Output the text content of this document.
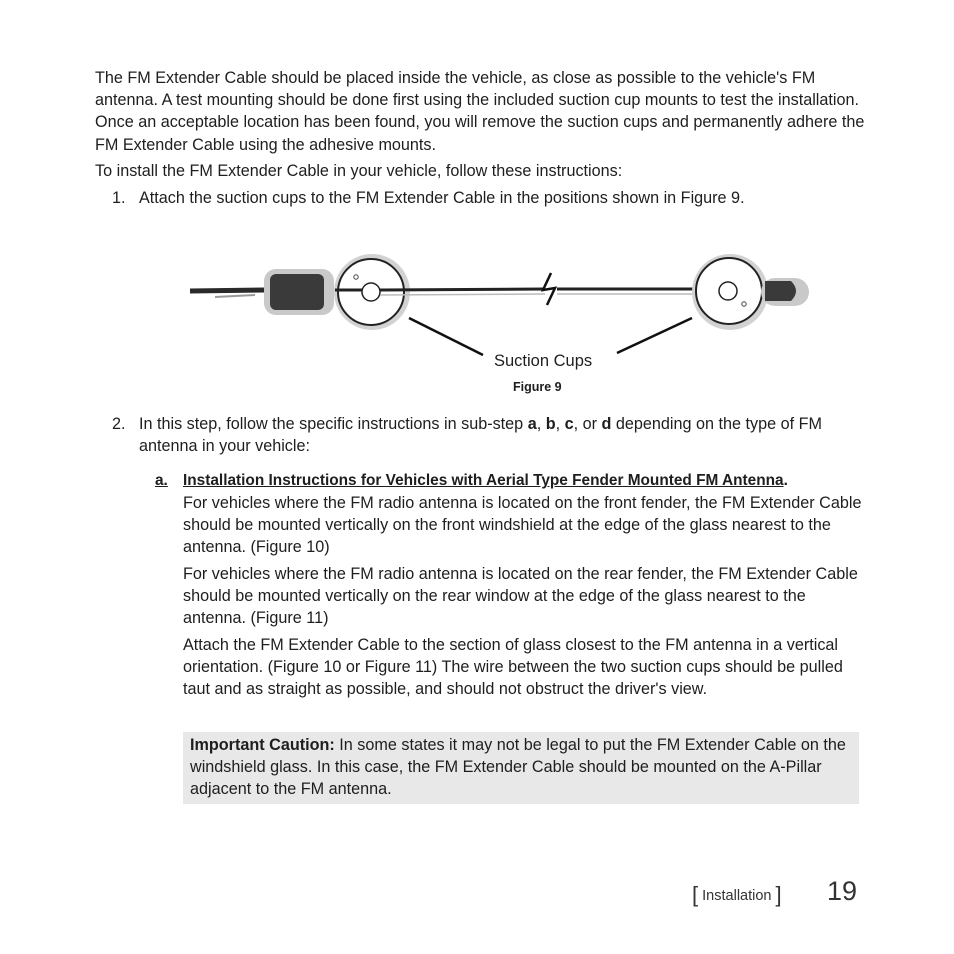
The FM Extender Cable should be placed inside the vehicle, as close as possible to the vehicle's FM antenna. A test mounting should be done first using the included suction cup mounts to test the installation. Once an acceptable location has been found, you will remove the suction cups and permanently adhere the FM Extender Cable using the adhesive mounts.

To install the FM Extender Cable in your vehicle, follow these instructions:

1. Attach the suction cups to the FM Extender Cable in the positions shown in Figure 9.
Suction Cups
Figure 9
2. In this step, follow the specific instructions in sub-step a, b, c, or d depending on the type of FM antenna in your vehicle:

a. Installation Instructions for Vehicles with Aerial Type Fender Mounted FM Antenna.

For vehicles where the FM radio antenna is located on the front fender, the FM Extender Cable should be mounted vertically on the front windshield at the edge of the glass nearest to the antenna. (Figure 10)

For vehicles where the FM radio antenna is located on the rear fender, the FM Extender Cable should be mounted vertically on the rear window at the edge of the glass nearest to the antenna. (Figure 11)

Attach the FM Extender Cable to the section of glass closest to the FM antenna in a vertical orientation. (Figure 10 or Figure 11) The wire between the two suction cups should be pulled taut and as straight as possible, and should not obstruct the driver's view.

Important Caution: In some states it may not be legal to put the FM Extender Cable on the windshield glass. In this case, the FM Extender Cable should be mounted on the A-Pillar adjacent to the FM antenna.
[ Installation ] 19
